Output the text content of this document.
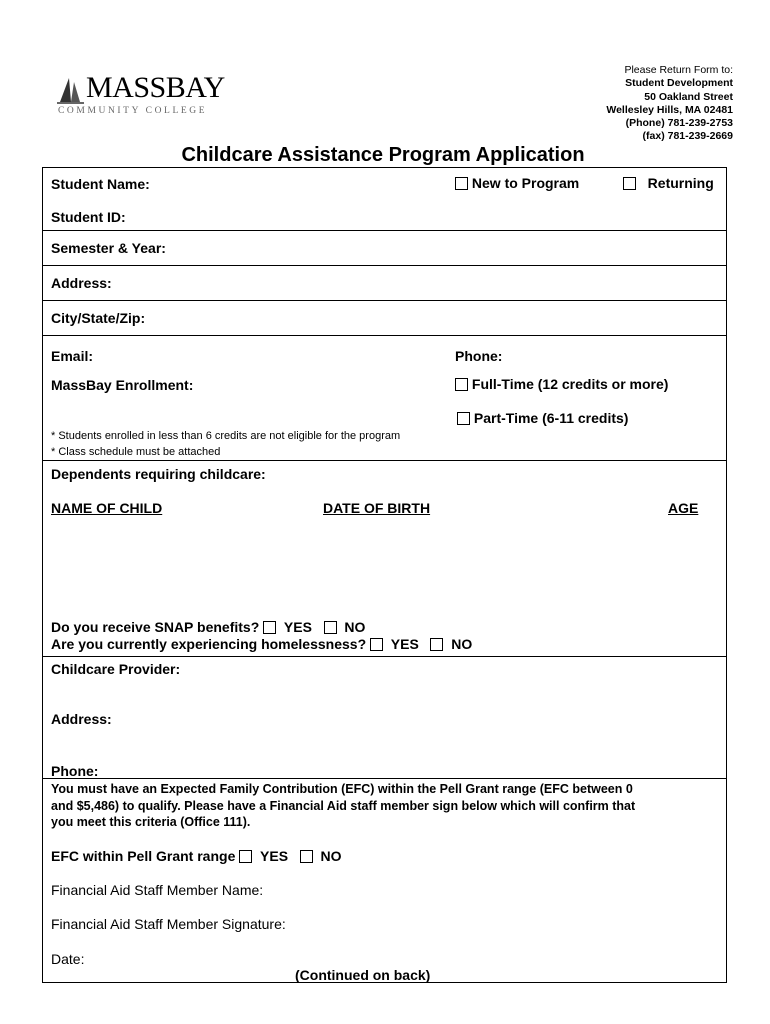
MASSBAY
COMMUNITY COLLEGE
Please Return Form to:
Student Development
50 Oakland Street
Wellesley Hills, MA 02481
(Phone) 781-239-2753
(fax) 781-239-2669
Childcare Assistance Program Application
Student Name:
	New to Program
	Returning
Student ID:
Semester & Year:
Address:
City/State/Zip:
Email:	Phone:
MassBay Enrollment:
	Full-Time (12 credits or more)

Part-Time (6-11 credits)
* Students enrolled in less than 6 credits are not eligible for the program
* Class schedule must be attached
Dependents requiring childcare:
NAME OF CHILD	DATE OF BIRTH	AGE
Do you receive SNAP benefits?

YES

NO
Are you currently experiencing homelessness?

YES

NO
Childcare Provider:
Address:
Phone:
You must have an Expected Family Contribution (EFC) within the Pell Grant range (EFC between 0
and $5,486) to qualify. Please have a Financial Aid staff member sign below which will confirm that
you meet this criteria (Office 111).
EFC within Pell Grant range

YES

NO
Financial Aid Staff Member Name:
Financial Aid Staff Member Signature:
Date:
(Continued on back)
